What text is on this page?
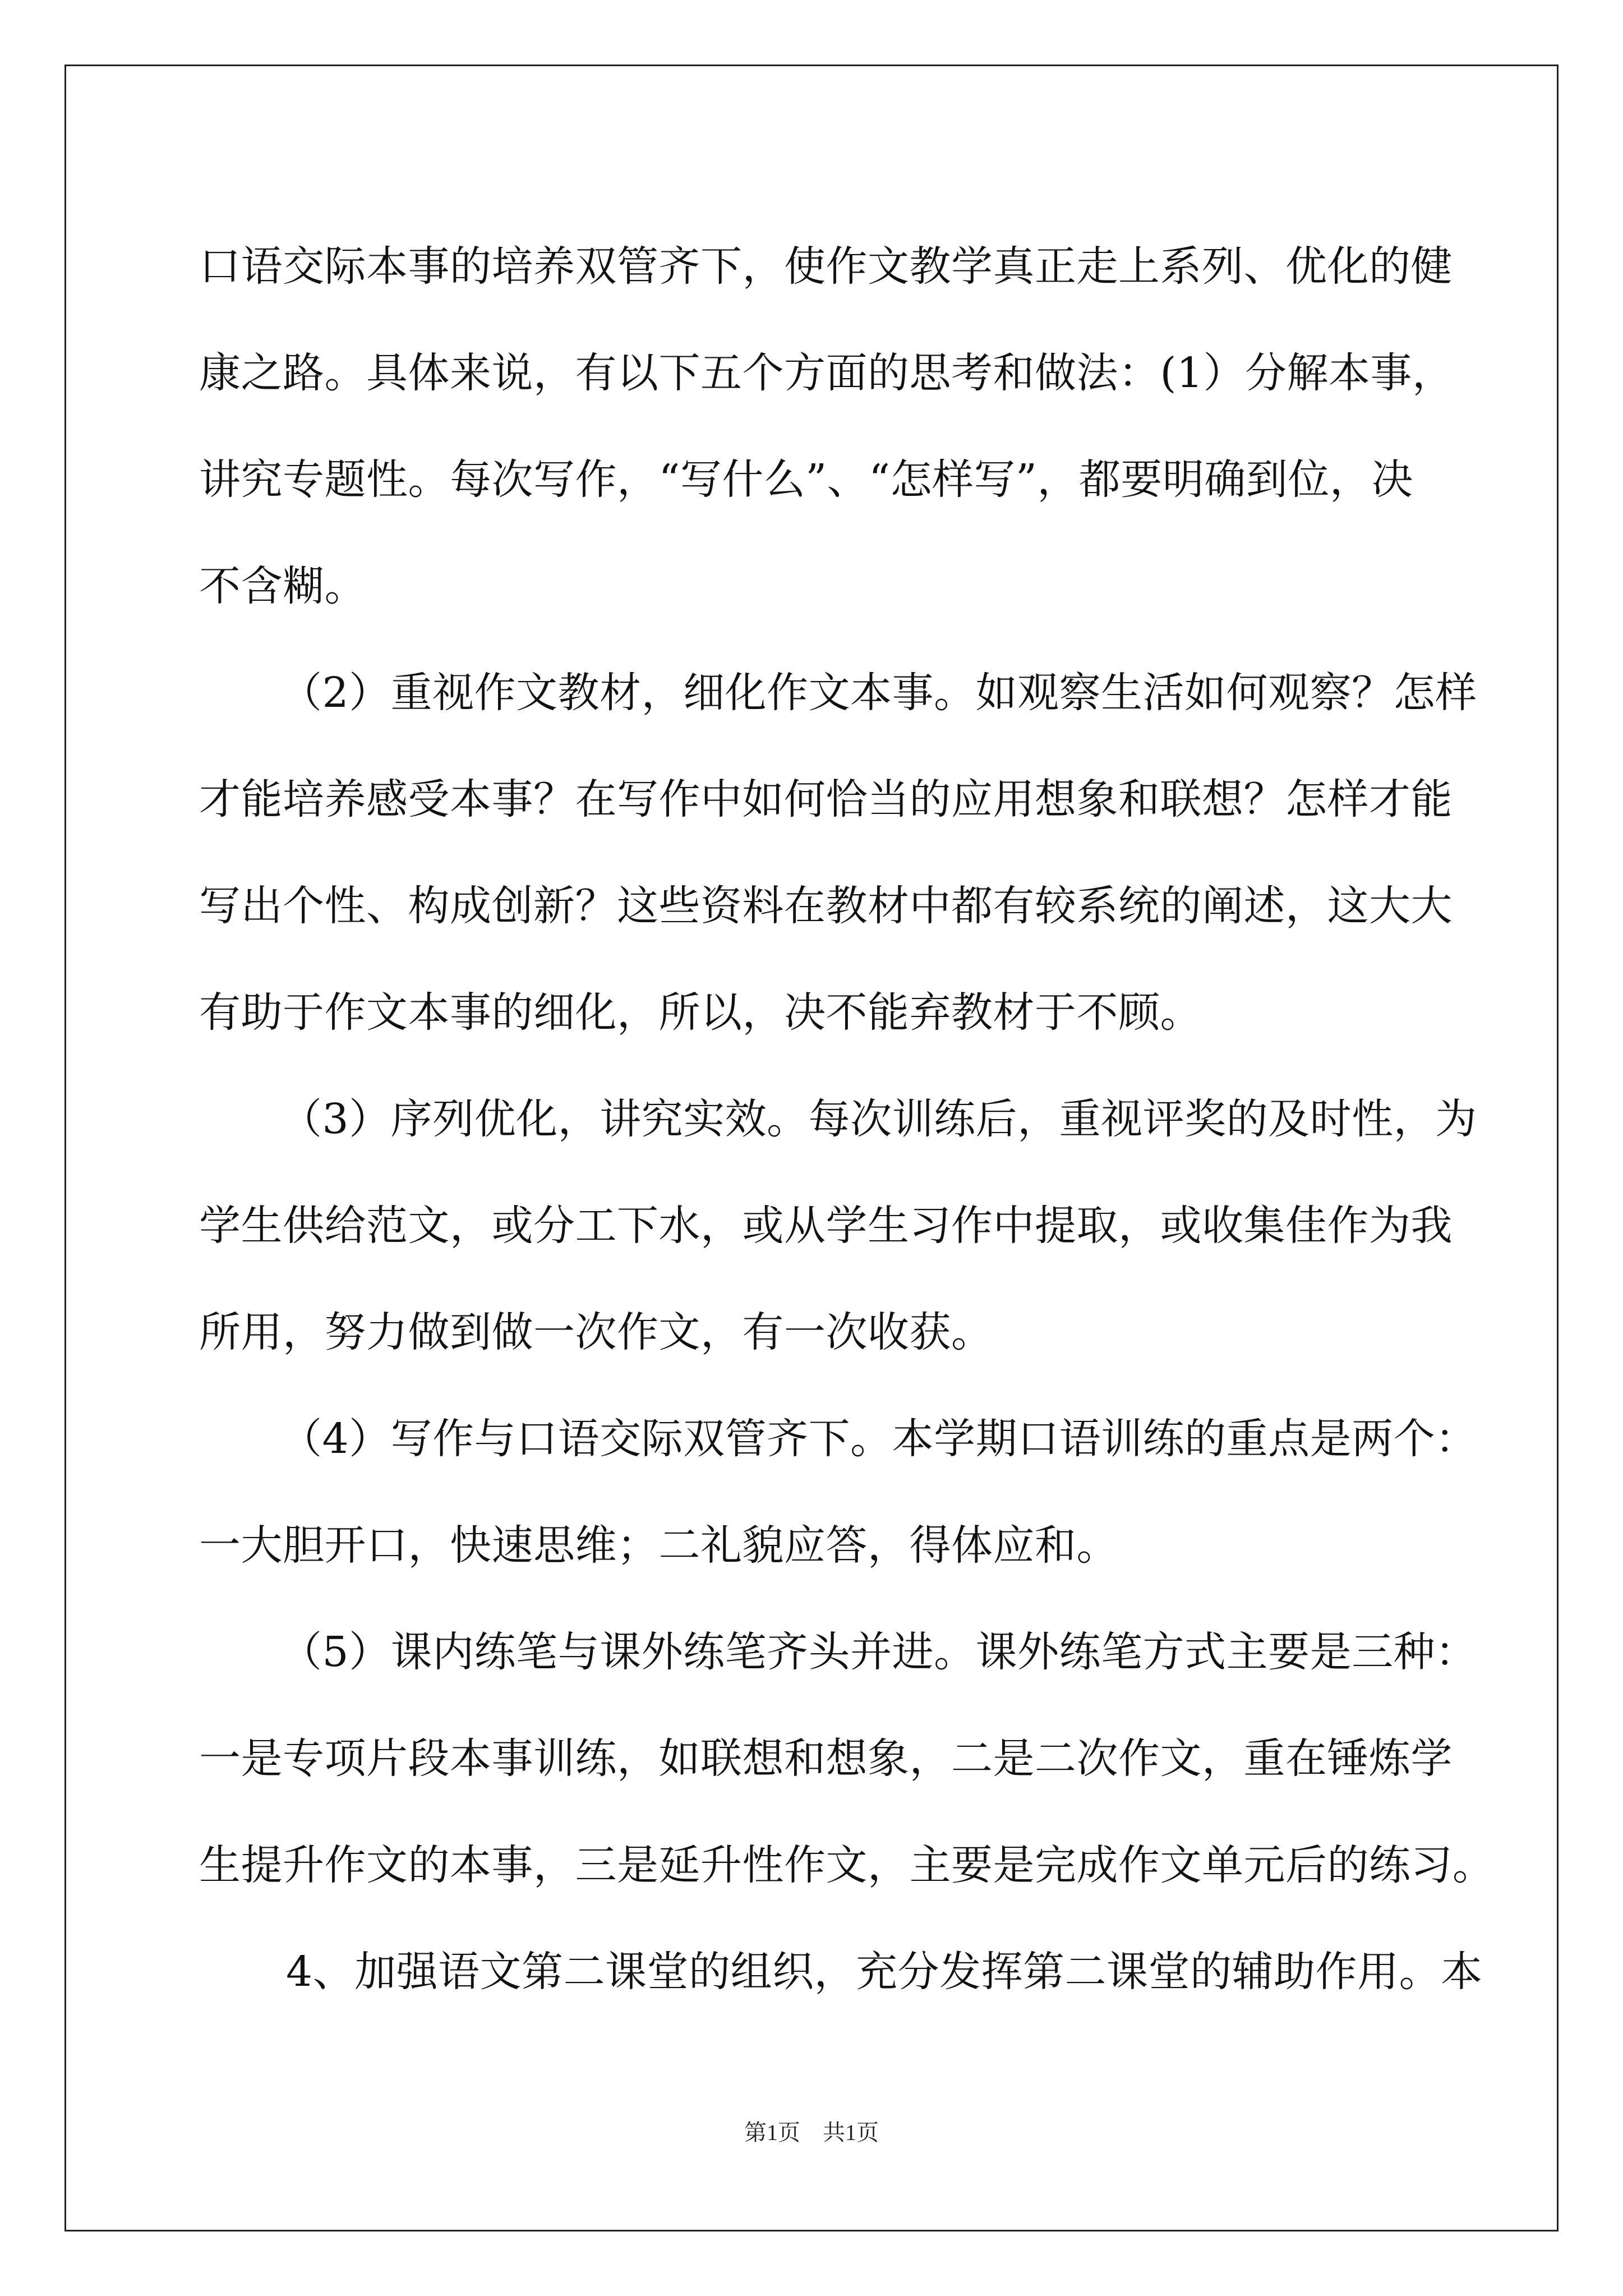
口语交际本事的培养双管齐下，使作文教学真正走上系列、优化的健
康之路。具体来说，有以下五个方面的思考和做法：(1）分解本事，
讲究专题性。每次写作，“写什么”、“怎样写”，都要明确到位，决
不含糊。
（2）重视作文教材，细化作文本事。如观察生活如何观察？怎样
才能培养感受本事？在写作中如何恰当的应用想象和联想？怎样才能
写出个性、构成创新？这些资料在教材中都有较系统的阐述，这大大
有助于作文本事的细化，所以，决不能弃教材于不顾。
（3）序列优化，讲究实效。每次训练后，重视评奖的及时性，为
学生供给范文，或分工下水，或从学生习作中提取，或收集佳作为我
所用，努力做到做一次作文，有一次收获。
（4）写作与口语交际双管齐下。本学期口语训练的重点是两个：
一大胆开口，快速思维；二礼貌应答，得体应和。
（5）课内练笔与课外练笔齐头并进。课外练笔方式主要是三种：
一是专项片段本事训练，如联想和想象，二是二次作文，重在锤炼学
生提升作文的本事，三是延升性作文，主要是完成作文单元后的练习。
4、加强语文第二课堂的组织，充分发挥第二课堂的辅助作用。本
第1页　共1页
